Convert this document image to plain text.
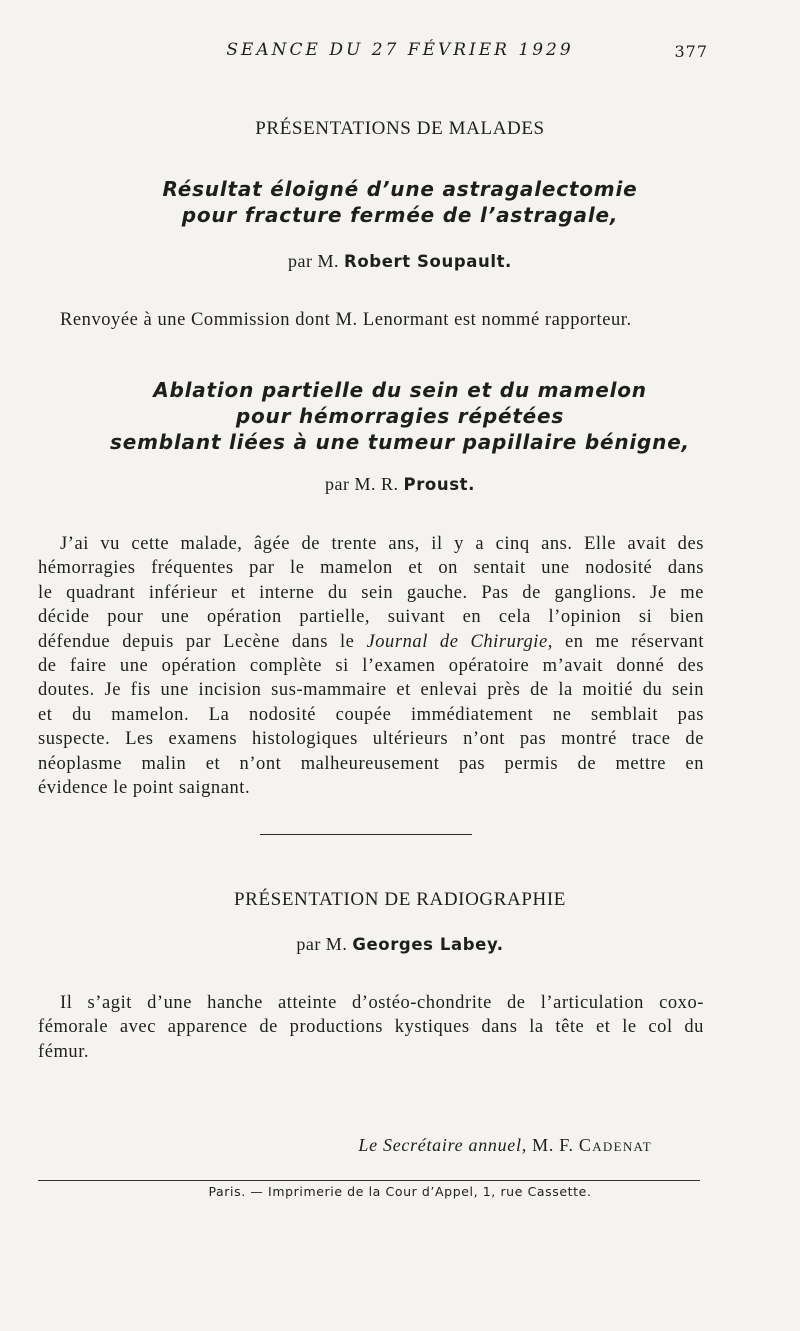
SEANCE DU 27 FÉVRIER 1929	377
PRÉSENTATIONS DE MALADES
Résultat éloigné d’une astragalectomie
pour fracture fermée de l’astragale,
par M. Robert Soupault.
Renvoyée à une Commission dont M. Lenormant est nommé rapporteur.
Ablation partielle du sein et du mamelon
pour hémorragies répétées
semblant liées à une tumeur papillaire bénigne,
par M. R. Proust.
J’ai vu cette malade, âgée de trente ans, il y a cinq ans. Elle avait des
hémorragies fréquentes par le mamelon et on sentait une nodosité dans
le quadrant inférieur et interne du sein gauche. Pas de ganglions. Je me
décide pour une opération partielle, suivant en cela l’opinion si bien
défendue depuis par Lecène dans le Journal de Chirurgie, en me réservant
de faire une opération complète si l’examen opératoire m’avait donné des
doutes. Je fis une incision sus-mammaire et enlevai près de la moitié du sein
et du mamelon. La nodosité coupée immédiatement ne semblait pas
suspecte. Les examens histologiques ultérieurs n’ont pas montré trace de
néoplasme malin et n’ont malheureusement pas permis de mettre en
évidence le point saignant.
PRÉSENTATION DE RADIOGRAPHIE
par M. Georges Labey.
Il s’agit d’une hanche atteinte d’ostéo-chondrite de l’articulation coxo-
fémorale avec apparence de productions kystiques dans la tête et le col du
fémur.
Le Secrétaire annuel, M. F. Cadenat
Paris. — Imprimerie de la Cour d’Appel, 1, rue Cassette.
